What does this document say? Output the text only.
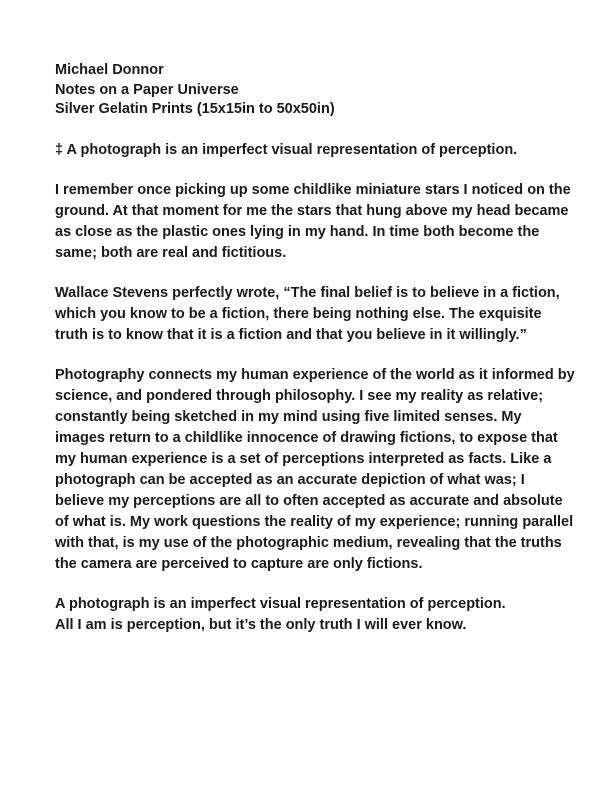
Michael Donnor

Notes on a Paper Universe

Silver Gelatin Prints (15x15in to 50x50in)

‡ A photograph is an imperfect visual representation of perception.

I remember once picking up some childlike miniature stars I noticed on the ground. At that moment for me the stars that hung above my head became as close as the plastic ones lying in my hand. In time both become the same; both are real and fictitious.

Wallace Stevens perfectly wrote, “The final belief is to believe in a fiction, which you know to be a fiction, there being nothing else. The exquisite truth is to know that it is a fiction and that you believe in it willingly.”

Photography connects my human experience of the world as it informed by science, and pondered through philosophy. I see my reality as relative; constantly being sketched in my mind using five limited senses. My images return to a childlike innocence of drawing fictions, to expose that my human experience is a set of perceptions interpreted as facts. Like a photograph can be accepted as an accurate depiction of what was; I believe my perceptions are all to often accepted as accurate and absolute of what is. My work questions the reality of my experience; running parallel with that, is my use of the photographic medium, revealing that the truths the camera are perceived to capture are only fictions.

A photograph is an imperfect visual representation of perception.

All I am is perception, but it’s the only truth I will ever know.
